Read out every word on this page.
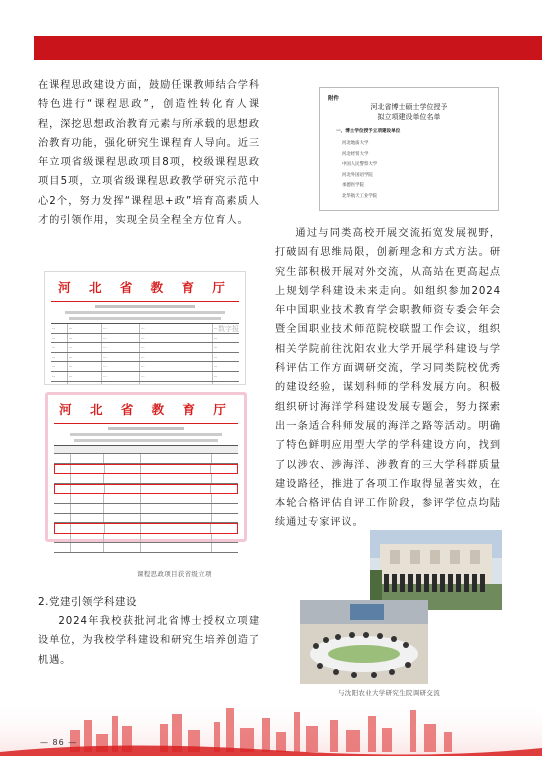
在课程思政建设方面，鼓励任课教师结合学科特色进行“课程思政”，创造性转化育人课程，深挖思想政治教育元素与所承载的思想政治教育功能，强化研究生课程育人导向。近三年立项省级课程思政项目8项，校级课程思政项目5项，立项省级课程思政教学研究示范中心2个，努力发挥“课程思+政”培育高素质人才的引领作用，实现全员全程全方位育人。
河 北 省 教 育 厅
...	...	...	...	...
...	...	...	...	...
...	...	...	...	...
...	...	...	...	...
...	...	...	...	...
...	...	...	...	...
数字报
河 北 省 教 育 厅
课程思政项目获省级立项
2.党建引领学科建设
2024年我校获批河北省博士授权立项建设单位，为我校学科建设和研究生培养创造了机遇。
附件
河北省博士硕士学位授予
拟立项建设单位名单
一、博士学位授予立项建设单位
河北地质大学
河北经贸大学
中国人民警察大学
河北外国语学院
承德医学院
北华航天工业学院
通过与同类高校开展交流拓宽发展视野，打破固有思维局限，创新理念和方式方法。研究生部积极开展对外交流，从高站在更高起点上规划学科建设未来走向。如组织参加2024年中国职业技术教育学会职教师资专委会年会暨全国职业技术师范院校联盟工作会议，组织相关学院前往沈阳农业大学开展学科建设与学科评估工作方面调研交流，学习同类院校优秀的建设经验，谋划科师的学科发展方向。积极组织研讨海洋学科建设发展专题会，努力探索出一条适合科师发展的海洋之路等活动。明确了特色鲜明应用型大学的学科建设方向，找到了以涉农、涉海洋、涉教育的三大学科群质量建设路径，推进了各项工作取得显著实效，在本轮合格评估自评工作阶段，参评学位点均陆续通过专家评议。
与沈阳农业大学研究生院调研交流
— 86 —
